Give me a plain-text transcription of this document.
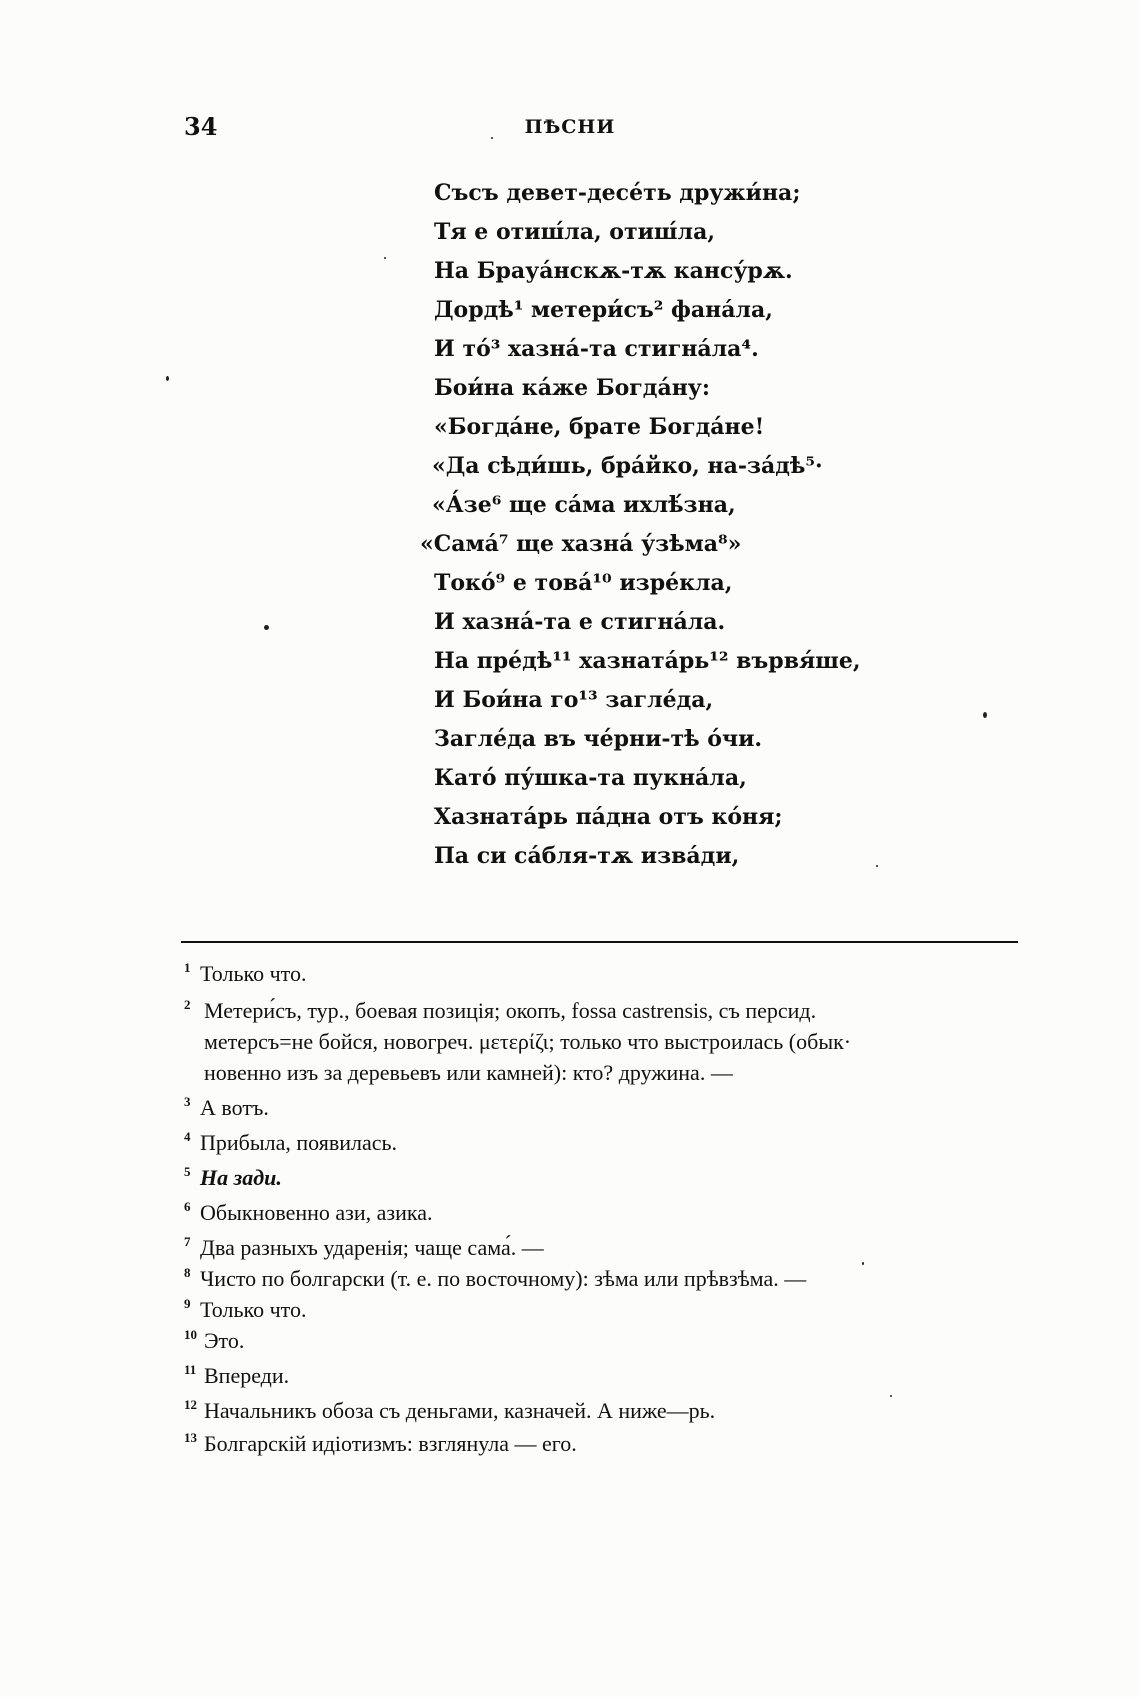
34	ПѢСНИ
Съсъ девет-десе́ть дружи́на;
Тя е отиш́ла, отиш́ла,
На Брауа́нскѫ-тѫ кансу́рѫ.
Дордѣ¹ метери́съ² фанáла,
И то́³ хазна́-та стигнáла⁴.
Бои́на ка́же Богда́ну:
«Богда́не, брате Богда́не!
«Да сѣди́шь, бра́йко, на-за́дѣ⁵·
«А́зе⁶ ще сáма ихлѣ́зна,
«Самá⁷ ще хазна́ у́зѣма⁸»
Токо́⁹ е това́¹⁰ изре́кла,
И хазна́-та е стигнáла.
На пре́дѣ¹¹ хазнатáрь¹² вървя́ше,
И Бои́на го¹³ загле́да,
Загле́да въ че́рни-тѣ о́чи.
Като́ пу́шка-та пукнáла,
Хазнатáрь пáдна отъ ко́ня;
Па си сáбля-тѫ извáди,
1 Только что.
2 Метери́съ, тур., боевая позиція; окопъ, fossa castrensis, съ персид.
метерсъ=не бойся, новогреч. μετερίζι; только что выстроилась (обык·
новенно изъ за деревьевъ или камней): кто? дружина. —
3 А вотъ.
4 Прибыла, появилась.
5 На зади.
6 Обыкновенно ази, азика.
7 Два разныхъ ударенія; чаще сама́. —
8 Чисто по болгарски (т. е. по восточному): зѣма или прѣвзѣма. —
9 Только что.
10 Это.
11 Впереди.
12 Начальникъ обоза съ деньгами, казначей. А ниже—рь.
13 Болгарскій идіотизмъ: взглянула — его.
